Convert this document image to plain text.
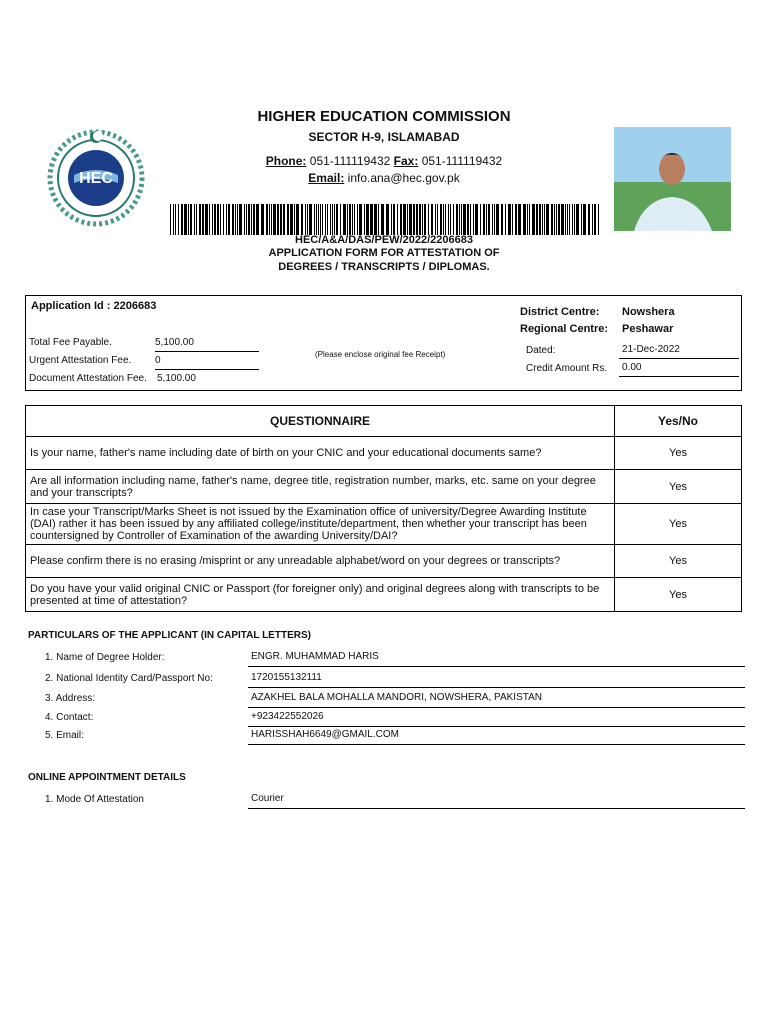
HEC
HIGHER EDUCATION COMMISSION
SECTOR H-9, ISLAMABAD
Phone: 051-111119432 Fax: 051-111119432
Email: info.ana@hec.gov.pk
HEC/A&A/DAS/PEW/2022/2206683
APPLICATION FORM FOR ATTESTATION OF
DEGREES / TRANSCRIPTS / DIPLOMAS.
Application Id : 2206683
Total Fee Payable.	5,100.00
Urgent Attestation Fee. 0
Document Attestation Fee. 5,100.00
(Please enclose original fee Receipt)
District Centre: Nowshera
Regional Centre: Peshawar
Dated:	21-Dec-2022
Credit Amount Rs.	0.00
QUESTIONNAIRE	Yes/No
Is your name, father's name including date of birth on your CNIC and your educational documents same?	Yes
Are all information including name, father's name, degree title, registration number, marks, etc. same on your degree and your transcripts?	Yes
In case your Transcript/Marks Sheet is not issued by the Examination office of university/Degree Awarding Institute (DAI) rather it has been issued by any affiliated college/institute/department, then whether your transcript has been countersigned by Controller of Examination of the awarding University/DAI?	Yes
Please confirm there is no erasing /misprint or any unreadable alphabet/word on your degrees or transcripts?	Yes
Do you have your valid original CNIC or Passport (for foreigner only) and original degrees along with transcripts to be presented at time of attestation?	Yes
PARTICULARS OF THE APPLICANT (IN CAPITAL LETTERS)
1. Name of Degree Holder:	ENGR. MUHAMMAD HARIS
2. National Identity Card/Passport No:	1720155132111
3. Address:	AZAKHEL BALA MOHALLA MANDORI, NOWSHERA, PAKISTAN
4. Contact:	+923422552026
5. Email:	HARISSHAH6649@GMAIL.COM
ONLINE APPOINTMENT DETAILS
1. Mode Of Attestation	Courier
